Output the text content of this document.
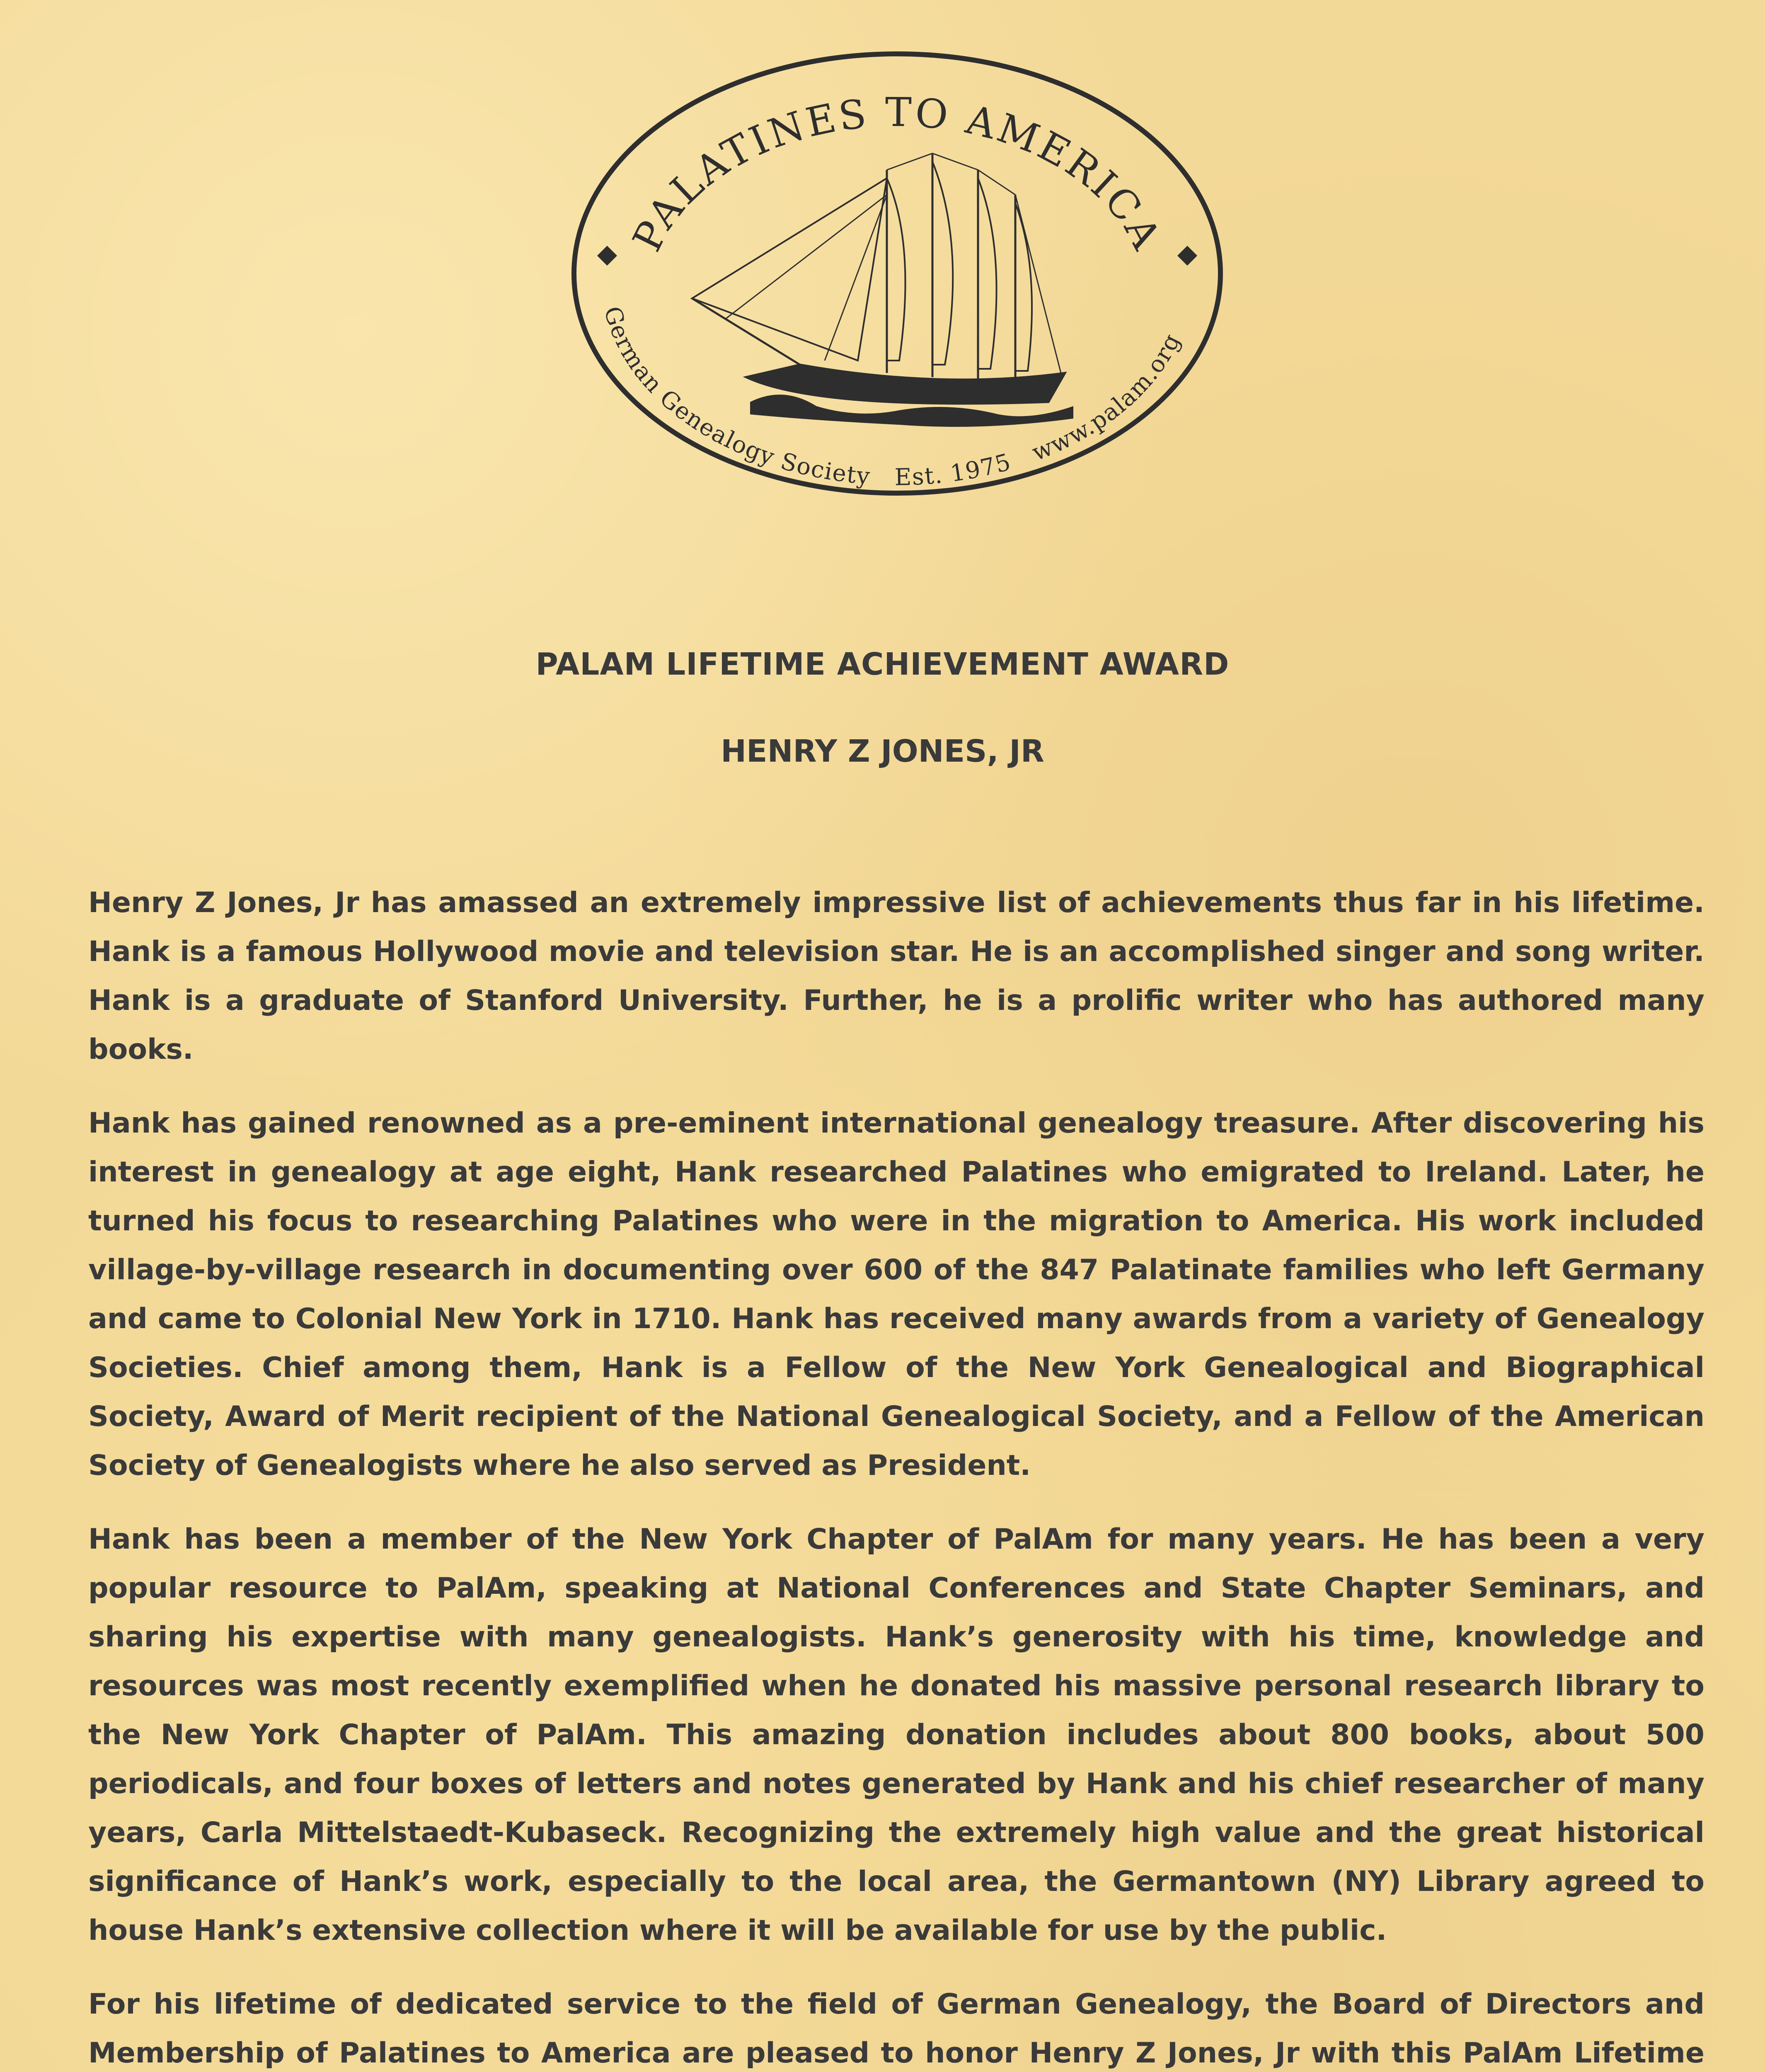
PALATINES TO AMERICA
German Genealogy Society Est. 1975 www.palam.org
PALAM LIFETIME ACHIEVEMENT AWARD
HENRY Z JONES, JR

Henry Z Jones, Jr has amassed an extremely impressive list of achievements thus far in his lifetime. Hank is a famous Hollywood movie and television star. He is an accomplished singer and song writer. Hank is a graduate of Stanford University. Further, he is a prolific writer who has authored many books.

Hank has gained renowned as a pre-eminent international genealogy treasure. After discovering his interest in genealogy at age eight, Hank researched Palatines who emigrated to Ireland. Later, he turned his focus to researching Palatines who were in the migration to America. His work included village-by-village research in documenting over 600 of the 847 Palatinate families who left Germany and came to Colonial New York in 1710. Hank has received many awards from a variety of Genealogy Societies. Chief among them, Hank is a Fellow of the New York Genealogical and Biographical Society, Award of Merit recipient of the National Genealogical Society, and a Fellow of the American Society of Genealogists where he also served as President.

Hank has been a member of the New York Chapter of PalAm for many years. He has been a very popular resource to PalAm, speaking at National Conferences and State Chapter Seminars, and sharing his expertise with many genealogists. Hank’s generosity with his time, knowledge and resources was most recently exemplified when he donated his massive personal research library to the New York Chapter of PalAm. This amazing donation includes about 800 books, about 500 periodicals, and four boxes of letters and notes generated by Hank and his chief researcher of many years, Carla Mittelstaedt-Kubaseck. Recognizing the extremely high value and the great historical significance of Hank’s work, especially to the local area, the Germantown (NY) Library agreed to house Hank’s extensive collection where it will be available for use by the public.

For his lifetime of dedicated service to the field of German Genealogy, the Board of Directors and Membership of Palatines to America are pleased to honor Henry Z Jones, Jr with this PalAm Lifetime
